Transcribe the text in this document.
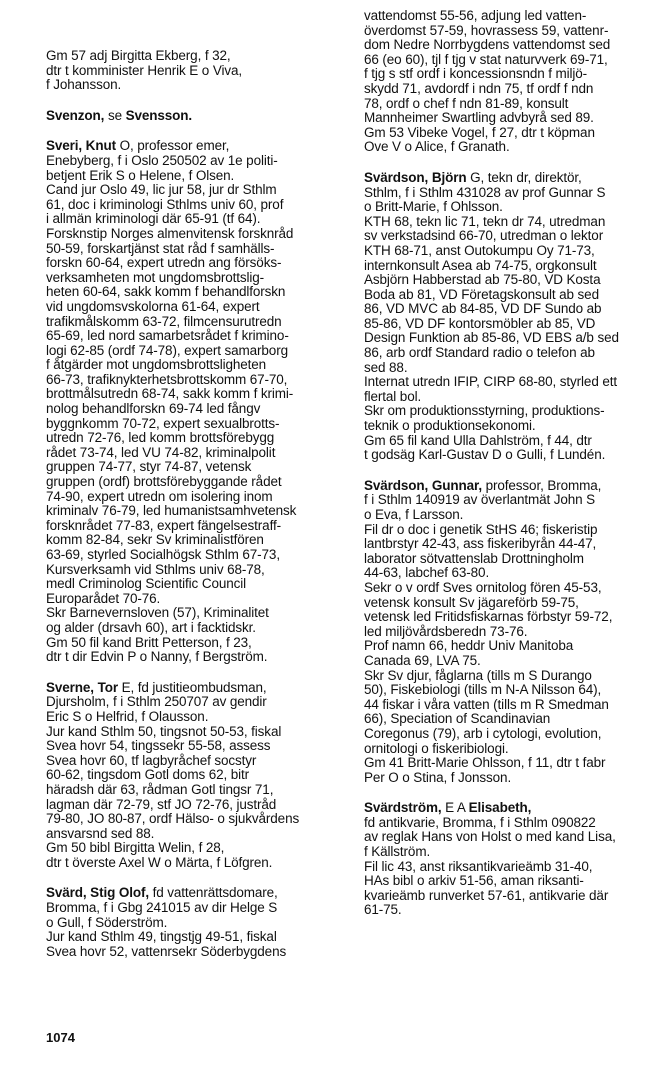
Gm 57 adj Birgitta Ekberg, f 32,
dtr t komminister Henrik E o Viva,
f Johansson.
Svenzon, se Svensson.
Sveri, Knut O, professor emer,
Enebyberg, f i Oslo 250502 av 1e politi-
betjent Erik S o Helene, f Olsen.
Cand jur Oslo 49, lic jur 58, jur dr Sthlm
61, doc i kriminologi Sthlms univ 60, prof
i allmän kriminologi där 65-91 (tf 64).
Forsknstip Norges almenvitensk forsknråd
50-59, forskartjänst stat råd f samhälls-
forskn 60-64, expert utredn ang försöks-
verksamheten mot ungdomsbrottslig-
heten 60-64, sakk komm f behandlforskn
vid ungdomsvskolorna 61-64, expert
trafikmålskomm 63-72, filmcensurutredn
65-69, led nord samarbetsrådet f krimino-
logi 62-85 (ordf 74-78), expert samarborg
f åtgärder mot ungdomsbrottsligheten
66-73, trafiknykterhetsbrottskomm 67-70,
brottmålsutredn 68-74, sakk komm f krimi-
nolog behandlforskn 69-74 led fångv
byggnkomm 70-72, expert sexualbrotts-
utredn 72-76, led komm brottsförebygg
rådet 73-74, led VU 74-82, kriminalpolit
gruppen 74-77, styr 74-87, vetensk
gruppen (ordf) brottsförebyggande rådet
74-90, expert utredn om isolering inom
kriminalv 76-79, led humanistsamhvetensk
forsknrådet 77-83, expert fängelsestraff-
komm 82-84, sekr Sv kriminalistfören
63-69, styrled Socialhögsk Sthlm 67-73,
Kursverksamh vid Sthlms univ 68-78,
medl Criminolog Scientific Council
Europarådet 70-76.
Skr Barnevernsloven (57), Kriminalitet
og alder (drsavh 60), art i facktidskr.
Gm 50 fil kand Britt Petterson, f 23,
dtr t dir Edvin P o Nanny, f Bergström.
Sverne, Tor E, fd justitieombudsman,
Djursholm, f i Sthlm 250707 av gendir
Eric S o Helfrid, f Olausson.
Jur kand Sthlm 50, tingsnot 50-53, fiskal
Svea hovr 54, tingssekr 55-58, assess
Svea hovr 60, tf lagbyråchef socstyr
60-62, tingsdom Gotl doms 62, bitr
häradsh där 63, rådman Gotl tingsr 71,
lagman där 72-79, stf JO 72-76, justråd
79-80, JO 80-87, ordf Hälso- o sjukvårdens
ansvarsnd sed 88.
Gm 50 bibl Birgitta Welin, f 28,
dtr t överste Axel W o Märta, f Löfgren.
Svärd, Stig Olof, fd vattenrättsdomare,
Bromma, f i Gbg 241015 av dir Helge S
o Gull, f Söderström.
Jur kand Sthlm 49, tingstjg 49-51, fiskal
Svea hovr 52, vattenrsekr Söderbygdens
vattendomst 55-56, adjung led vatten-
överdomst 57-59, hovrassess 59, vattenr-
dom Nedre Norrbygdens vattendomst sed
66 (eo 60), tjl f tjg v stat naturvverk 69-71,
f tjg s stf ordf i koncessionsndn f miljö-
skydd 71, avdordf i ndn 75, tf ordf f ndn
78, ordf o chef f ndn 81-89, konsult
Mannheimer Swartling advbyrå sed 89.
Gm 53 Vibeke Vogel, f 27, dtr t köpman
Ove V o Alice, f Granath.
Svärdson, Björn G, tekn dr, direktör,
Sthlm, f i Sthlm 431028 av prof Gunnar S
o Britt-Marie, f Ohlsson.
KTH 68, tekn lic 71, tekn dr 74, utredman
sv verkstadsind 66-70, utredman o lektor
KTH 68-71, anst Outokumpu Oy 71-73,
internkonsult Asea ab 74-75, orgkonsult
Asbjörn Habberstad ab 75-80, VD Kosta
Boda ab 81, VD Företagskonsult ab sed
86, VD MVC ab 84-85, VD DF Sundo ab
85-86, VD DF kontorsmöbler ab 85, VD
Design Funktion ab 85-86, VD EBS a/b sed
86, arb ordf Standard radio o telefon ab
sed 88.
Internat utredn IFIP, CIRP 68-80, styrled ett
flertal bol.
Skr om produktionsstyrning, produktions-
teknik o produktionsekonomi.
Gm 65 fil kand Ulla Dahlström, f 44, dtr
t godsäg Karl-Gustav D o Gulli, f Lundén.
Svärdson, Gunnar, professor, Bromma,
f i Sthlm 140919 av överlantmät John S
o Eva, f Larsson.
Fil dr o doc i genetik StHS 46; fiskeristip
lantbrstyr 42-43, ass fiskeribyrån 44-47,
laborator sötvattenslab Drottningholm
44-63, labchef 63-80.
Sekr o v ordf Sves ornitolog fören 45-53,
vetensk konsult Sv jägareförb 59-75,
vetensk led Fritidsfiskarnas förbstyr 59-72,
led miljövårdsberedn 73-76.
Prof namn 66, heddr Univ Manitoba
Canada 69, LVA 75.
Skr Sv djur, fåglarna (tills m S Durango
50), Fiskebiologi (tills m N-A Nilsson 64),
44 fiskar i våra vatten (tills m R Smedman
66), Speciation of Scandinavian
Coregonus (79), arb i cytologi, evolution,
ornitologi o fiskeribiologi.
Gm 41 Britt-Marie Ohlsson, f 11, dtr t fabr
Per O o Stina, f Jonsson.
Svärdström, E A Elisabeth,
fd antikvarie, Bromma, f i Sthlm 090822
av reglak Hans von Holst o med kand Lisa,
f Källström.
Fil lic 43, anst riksantikvarieämb 31-40,
HAs bibl o arkiv 51-56, aman riksanti-
kvarieämb runverket 57-61, antikvarie där
61-75.
1074
